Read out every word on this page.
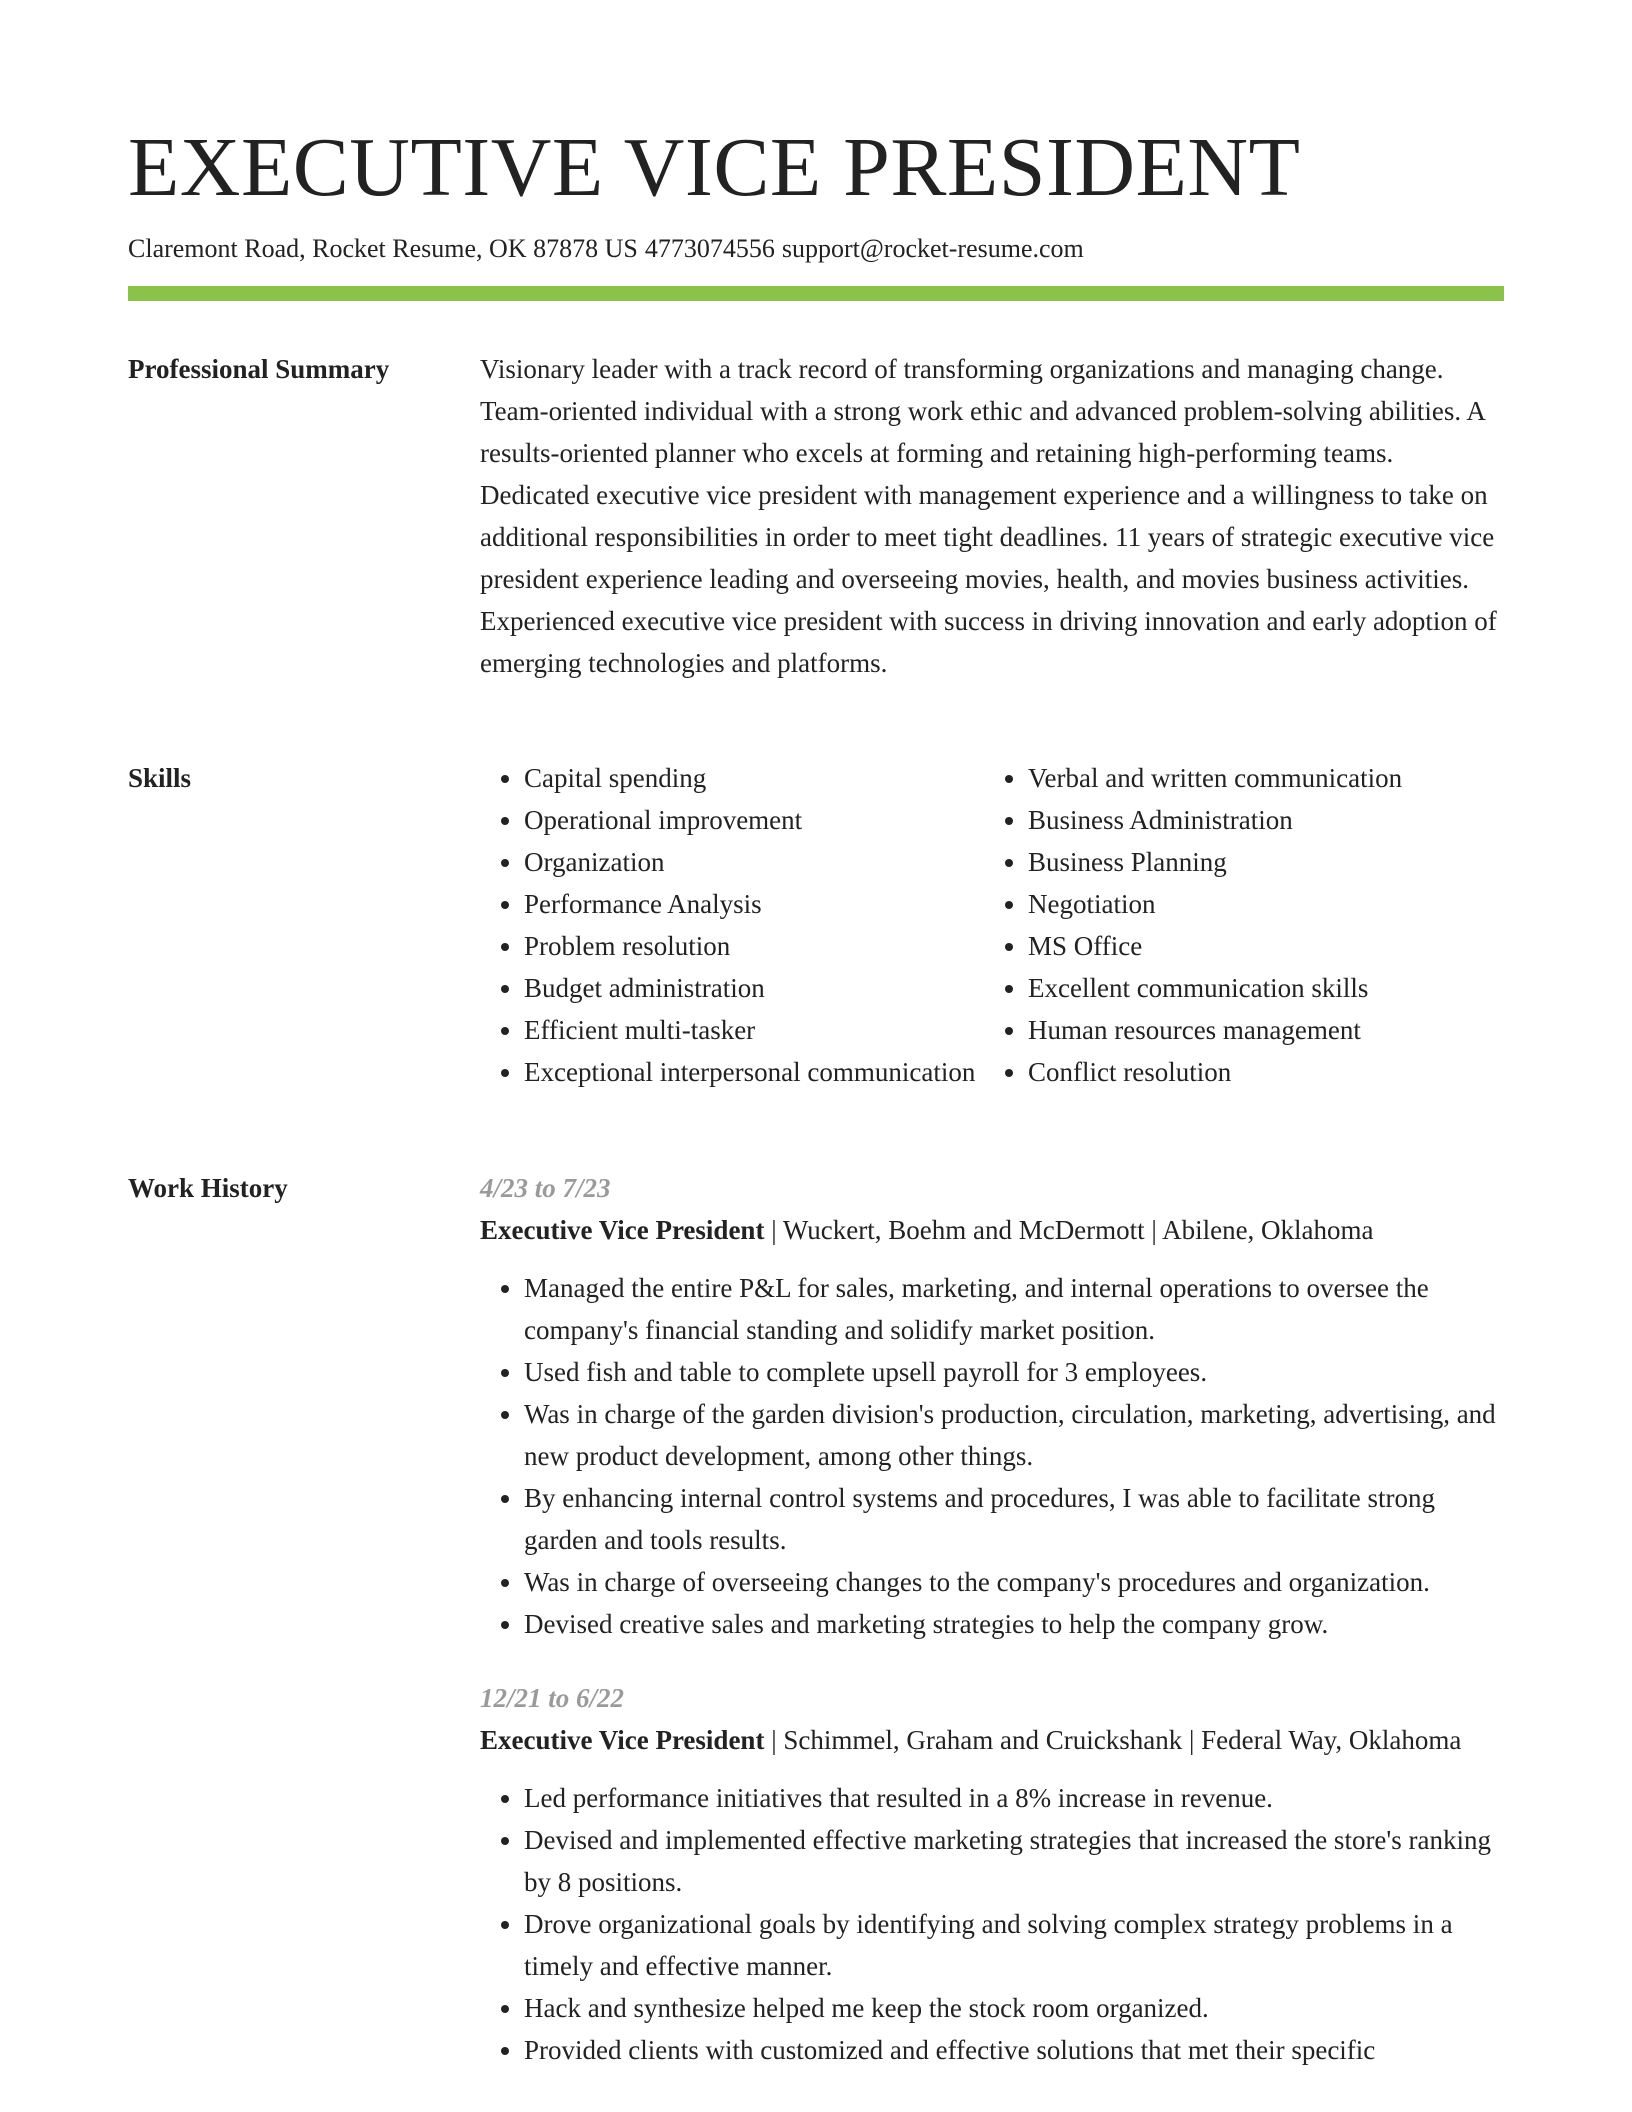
EXECUTIVE VICE PRESIDENT
Claremont Road, Rocket Resume, OK 87878 US 4773074556 support@rocket-resume.com
Professional Summary	Visionary leader with a track record of transforming organizations and managing change. Team-oriented individual with a strong work ethic and advanced problem-solving abilities. A results-oriented planner who excels at forming and retaining high-performing teams. Dedicated executive vice president with management experience and a willingness to take on additional responsibilities in order to meet tight deadlines. 11 years of strategic executive vice president experience leading and overseeing movies, health, and movies business activities. Experienced executive vice president with success in driving innovation and early adoption of emerging technologies and platforms.

Skills
•	Capital spending
• Operational improvement
• Organization
• Performance Analysis
• Problem resolution
• Budget administration
• Efficient multi-tasker
• Exceptional interpersonal communication
• Verbal and written communication
• Business Administration
• Business Planning
• Negotiation
• MS Office
• Excellent communication skills
• Human resources management
• Conflict resolution
Work History	4/23 to 7/23
Executive Vice President | Wuckert, Boehm and McDermott | Abilene, Oklahoma
• Managed the entire P&L for sales, marketing, and internal operations to oversee the company's financial standing and solidify market position.
• Used fish and table to complete upsell payroll for 3 employees.
• Was in charge of the garden division's production, circulation, marketing, advertising, and new product development, among other things.
• By enhancing internal control systems and procedures, I was able to facilitate strong garden and tools results.
• Was in charge of overseeing changes to the company's procedures and organization.
• Devised creative sales and marketing strategies to help the company grow.
12/21 to 6/22
Executive Vice President | Schimmel, Graham and Cruickshank | Federal Way, Oklahoma
• Led performance initiatives that resulted in a 8% increase in revenue.
• Devised and implemented effective marketing strategies that increased the store's ranking by 8 positions.
• Drove organizational goals by identifying and solving complex strategy problems in a timely and effective manner.
• Hack and synthesize helped me keep the stock room organized.
• Provided clients with customized and effective solutions that met their specific
